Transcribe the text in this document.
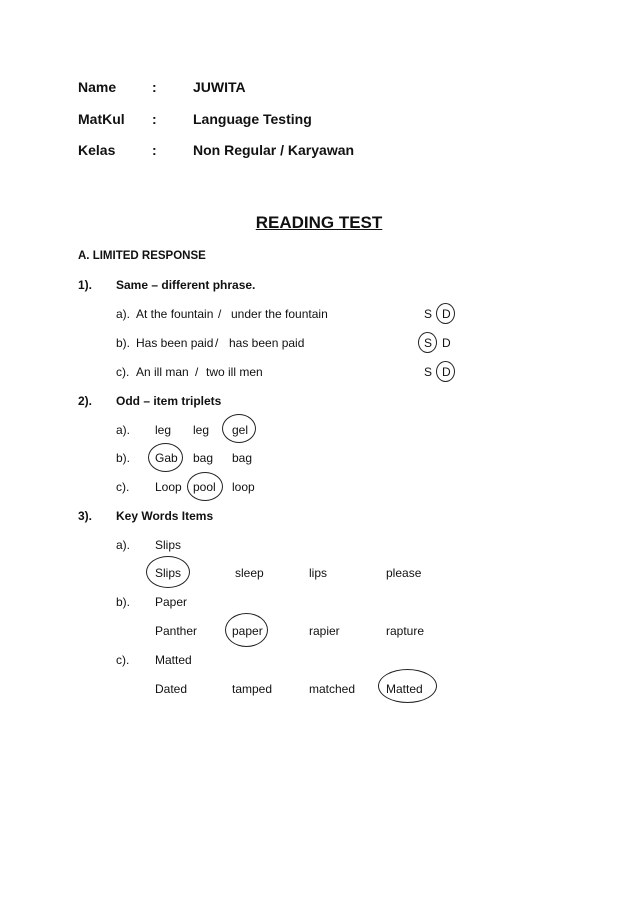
Name	:	JUWITA
MatKul :	Language Testing
Kelas	:	Non Regular / Karyawan
READING TEST
A. LIMITED RESPONSE
1). Same – different phrase.
a). At the fountain / under the fountain	S D
b). Has been paid / has been paid	S D
c). An ill man / two ill men	S D
2). Odd – item triplets
a). leg leg gel
b). Gab bag bag
c). Loop pool loop
3). Key Words Items
a). Slips
Slips	sleep	lips	please
b). Paper
Panther	paper	rapier	rapture
c). Matted
Dated	tamped	matched	Matted
